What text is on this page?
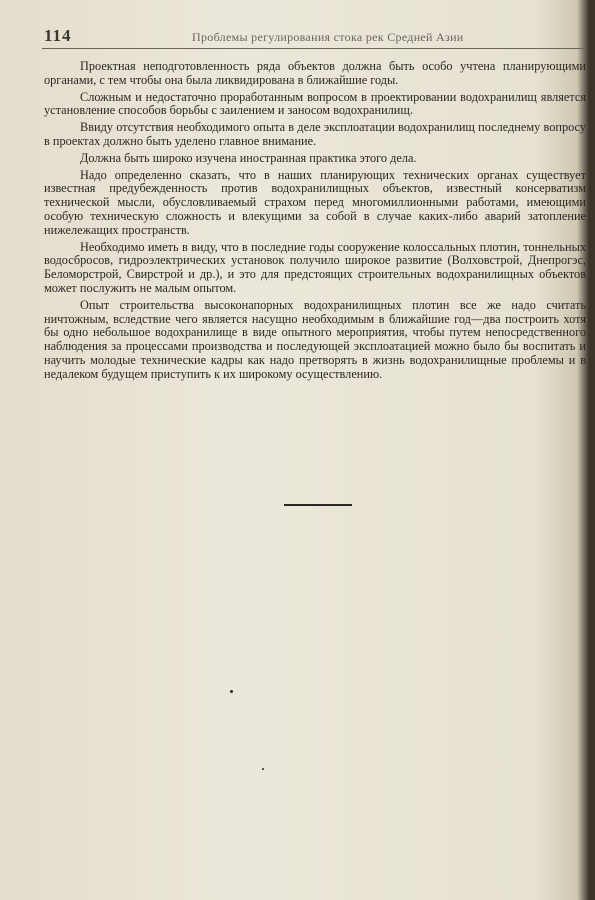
114	Проблемы регулирования стока рек Средней Азии

Проектная неподготовленность ряда объектов должна быть особо учтена планирующими органами, с тем чтобы она была ликвидирована в ближайшие годы.

Сложным и недостаточно проработанным вопросом в проектировании водохранилищ является установление способов борьбы с заилением и заносом водохранилищ.

Ввиду отсутствия необходимого опыта в деле эксплоатации водохранилищ последнему вопросу в проектах должно быть уделено главное внимание.

Должна быть широко изучена иностранная практика этого дела.

Надо определенно сказать, что в наших планирующих технических органах существует известная предубежденность против водохранилищных объектов, известный консерватизм технической мысли, обусловливаемый страхом перед многомиллионными работами, имеющими особую техническую сложность и влекущими за собой в случае каких-либо аварий затопление нижележащих пространств.

Необходимо иметь в виду, что в последние годы сооружение колоссальных плотин, тоннельных водосбросов, гидроэлектрических установок получило широкое развитие (Волховстрой, Днепрогэс, Беломорстрой, Свирстрой и др.), и это для предстоящих строительных водохранилищных объектов может послужить не малым опытом.

Опыт строительства высоконапорных водохранилищных плотин все же надо считать ничтожным, вследствие чего является насущно необходимым в ближайшие год—два построить хотя бы одно небольшое водохранилище в виде опытного мероприятия, чтобы путем непосредственного наблюдения за процессами производства и последующей эксплоатацией можно было бы воспитать и научить молодые технические кадры как надо претворять в жизнь водохранилищные проблемы и в недалеком будущем приступить к их широкому осуществлению.
